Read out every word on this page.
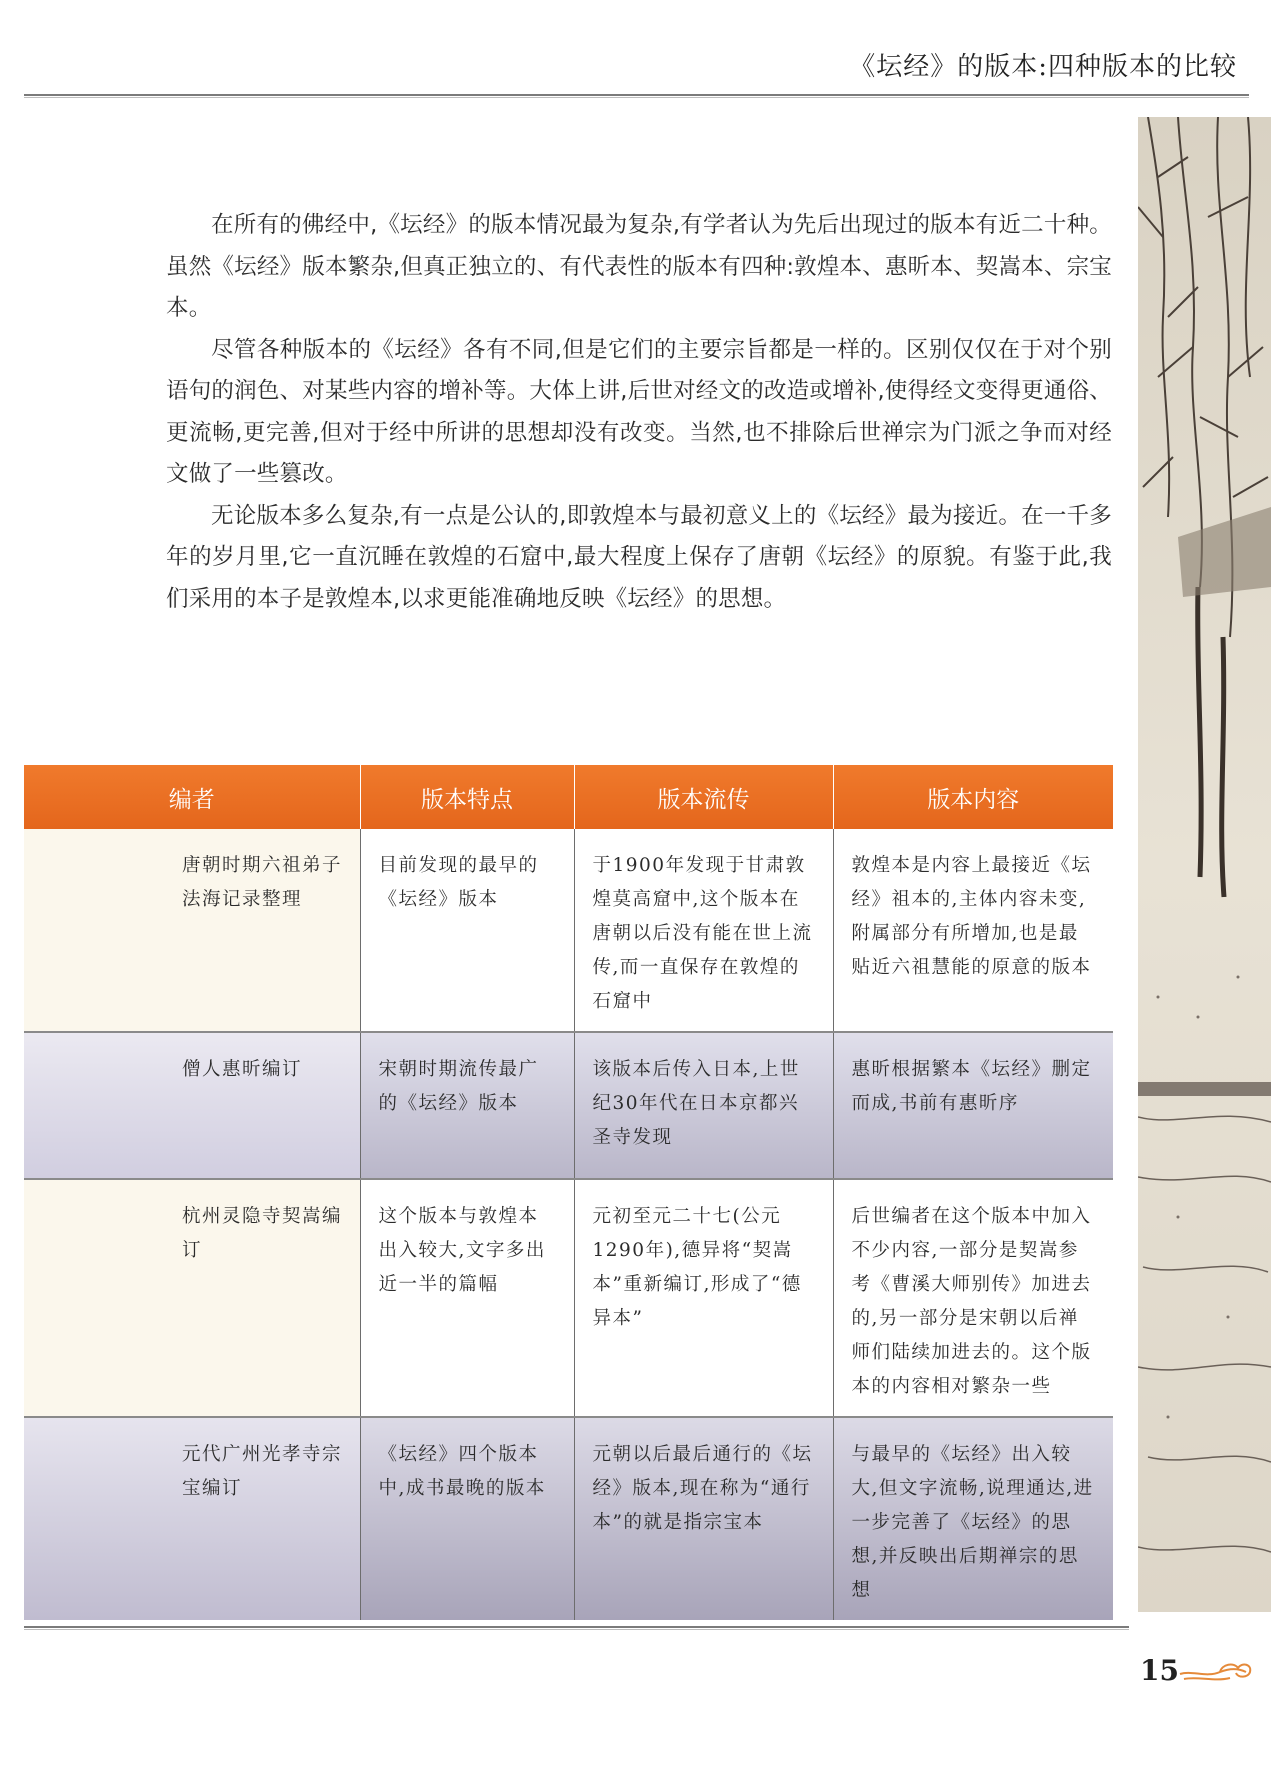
《坛经》的版本:四种版本的比较

在所有的佛经中,《坛经》的版本情况最为复杂,有学者认为先后出现过的版本有近二十种。虽然《坛经》版本繁杂,但真正独立的、有代表性的版本有四种:敦煌本、惠昕本、契嵩本、宗宝本。

尽管各种版本的《坛经》各有不同,但是它们的主要宗旨都是一样的。区别仅仅在于对个别语句的润色、对某些内容的增补等。大体上讲,后世对经文的改造或增补,使得经文变得更通俗、更流畅,更完善,但对于经中所讲的思想却没有改变。当然,也不排除后世禅宗为门派之争而对经文做了一些篡改。

无论版本多么复杂,有一点是公认的,即敦煌本与最初意义上的《坛经》最为接近。在一千多年的岁月里,它一直沉睡在敦煌的石窟中,最大程度上保存了唐朝《坛经》的原貌。有鉴于此,我们采用的本子是敦煌本,以求更能准确地反映《坛经》的思想。

编者	版本特点	版本流传	版本内容
唐朝时期六祖弟子法海记录整理	目前发现的最早的《坛经》版本	于1900年发现于甘肃敦煌莫高窟中,这个版本在唐朝以后没有能在世上流传,而一直保存在敦煌的石窟中	敦煌本是内容上最接近《坛经》祖本的,主体内容未变,附属部分有所增加,也是最贴近六祖慧能的原意的版本
僧人惠昕编订	宋朝时期流传最广的《坛经》版本	该版本后传入日本,上世纪30年代在日本京都兴圣寺发现	惠昕根据繁本《坛经》删定而成,书前有惠昕序
杭州灵隐寺契嵩编订	这个版本与敦煌本出入较大,文字多出近一半的篇幅	元初至元二十七(公元1290年),德异将“契嵩本”重新编订,形成了“德异本”	后世编者在这个版本中加入不少内容,一部分是契嵩参考《曹溪大师别传》加进去的,另一部分是宋朝以后禅师们陆续加进去的。这个版本的内容相对繁杂一些
元代广州光孝寺宗宝编订	《坛经》四个版本中,成书最晚的版本	元朝以后最后通行的《坛经》版本,现在称为“通行本”的就是指宗宝本	与最早的《坛经》出入较大,但文字流畅,说理通达,进一步完善了《坛经》的思想,并反映出后期禅宗的思想
15
